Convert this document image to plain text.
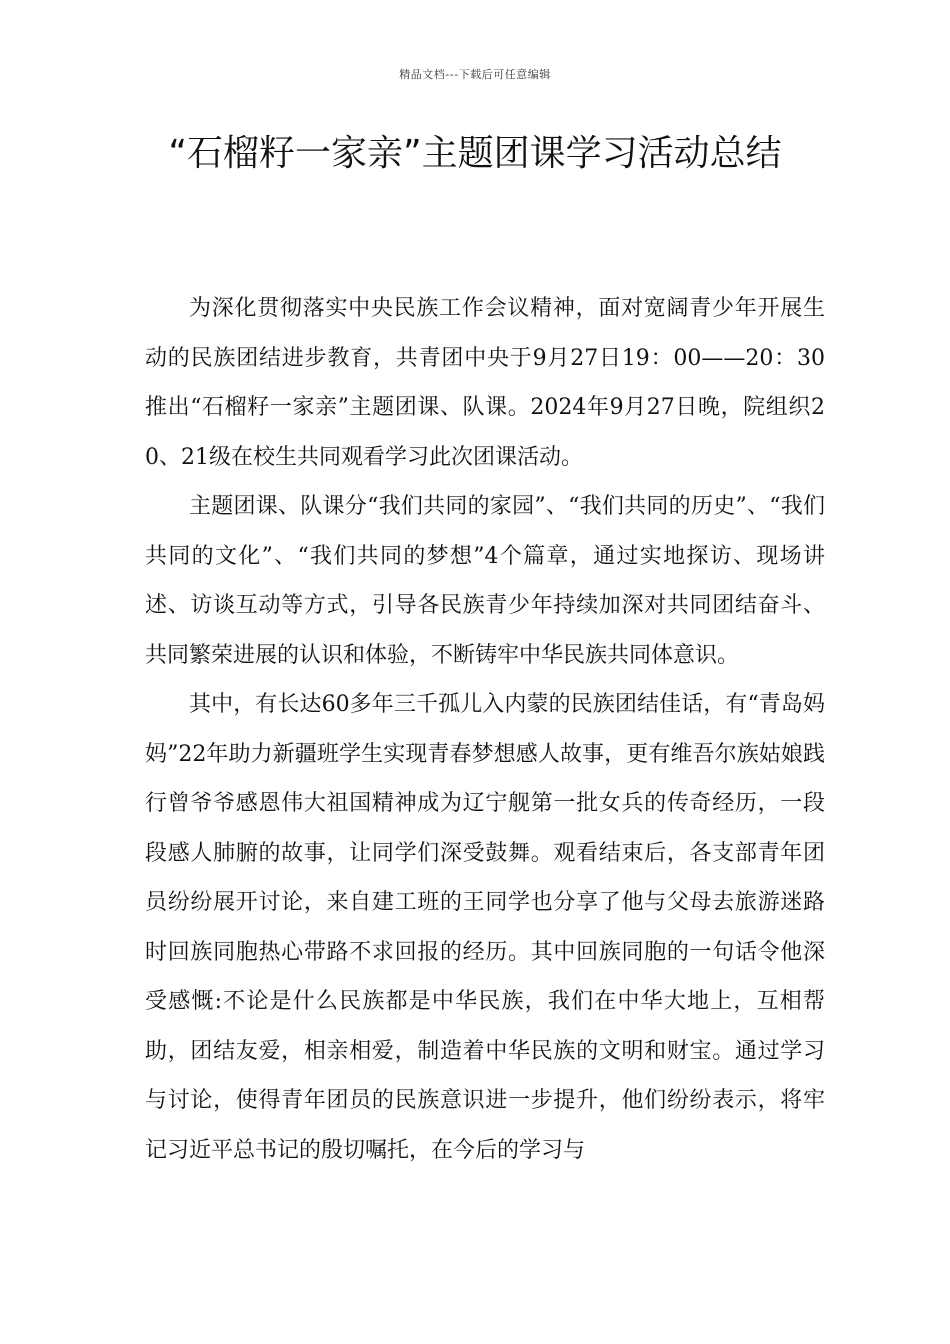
精品文档---下载后可任意编辑
“石榴籽一家亲”主题团课学习活动总结

为深化贯彻落实中央民族工作会议精神，面对宽阔青少年开展生动的民族团结进步教育，共青团中央于9月27日19：00——20：30推出“石榴籽一家亲”主题团课、队课。2024年9月27日晚，院组织20、21级在校生共同观看学习此次团课活动。

主题团课、队课分“我们共同的家园”、“我们共同的历史”、“我们共同的文化”、“我们共同的梦想”4个篇章，通过实地探访、现场讲述、访谈互动等方式，引导各民族青少年持续加深对共同团结奋斗、共同繁荣进展的认识和体验，不断铸牢中华民族共同体意识。

其中，有长达60多年三千孤儿入内蒙的民族团结佳话，有“青岛妈妈”22年助力新疆班学生实现青春梦想感人故事，更有维吾尔族姑娘践行曾爷爷感恩伟大祖国精神成为辽宁舰第一批女兵的传奇经历，一段段感人肺腑的故事，让同学们深受鼓舞。观看结束后，各支部青年团员纷纷展开讨论，来自建工班的王同学也分享了他与父母去旅游迷路时回族同胞热心带路不求回报的经历。其中回族同胞的一句话令他深受感慨:不论是什么民族都是中华民族，我们在中华大地上，互相帮助，团结友爱，相亲相爱，制造着中华民族的文明和财宝。通过学习与讨论，使得青年团员的民族意识进一步提升，他们纷纷表示，将牢记习近平总书记的殷切嘱托，在今后的学习与
